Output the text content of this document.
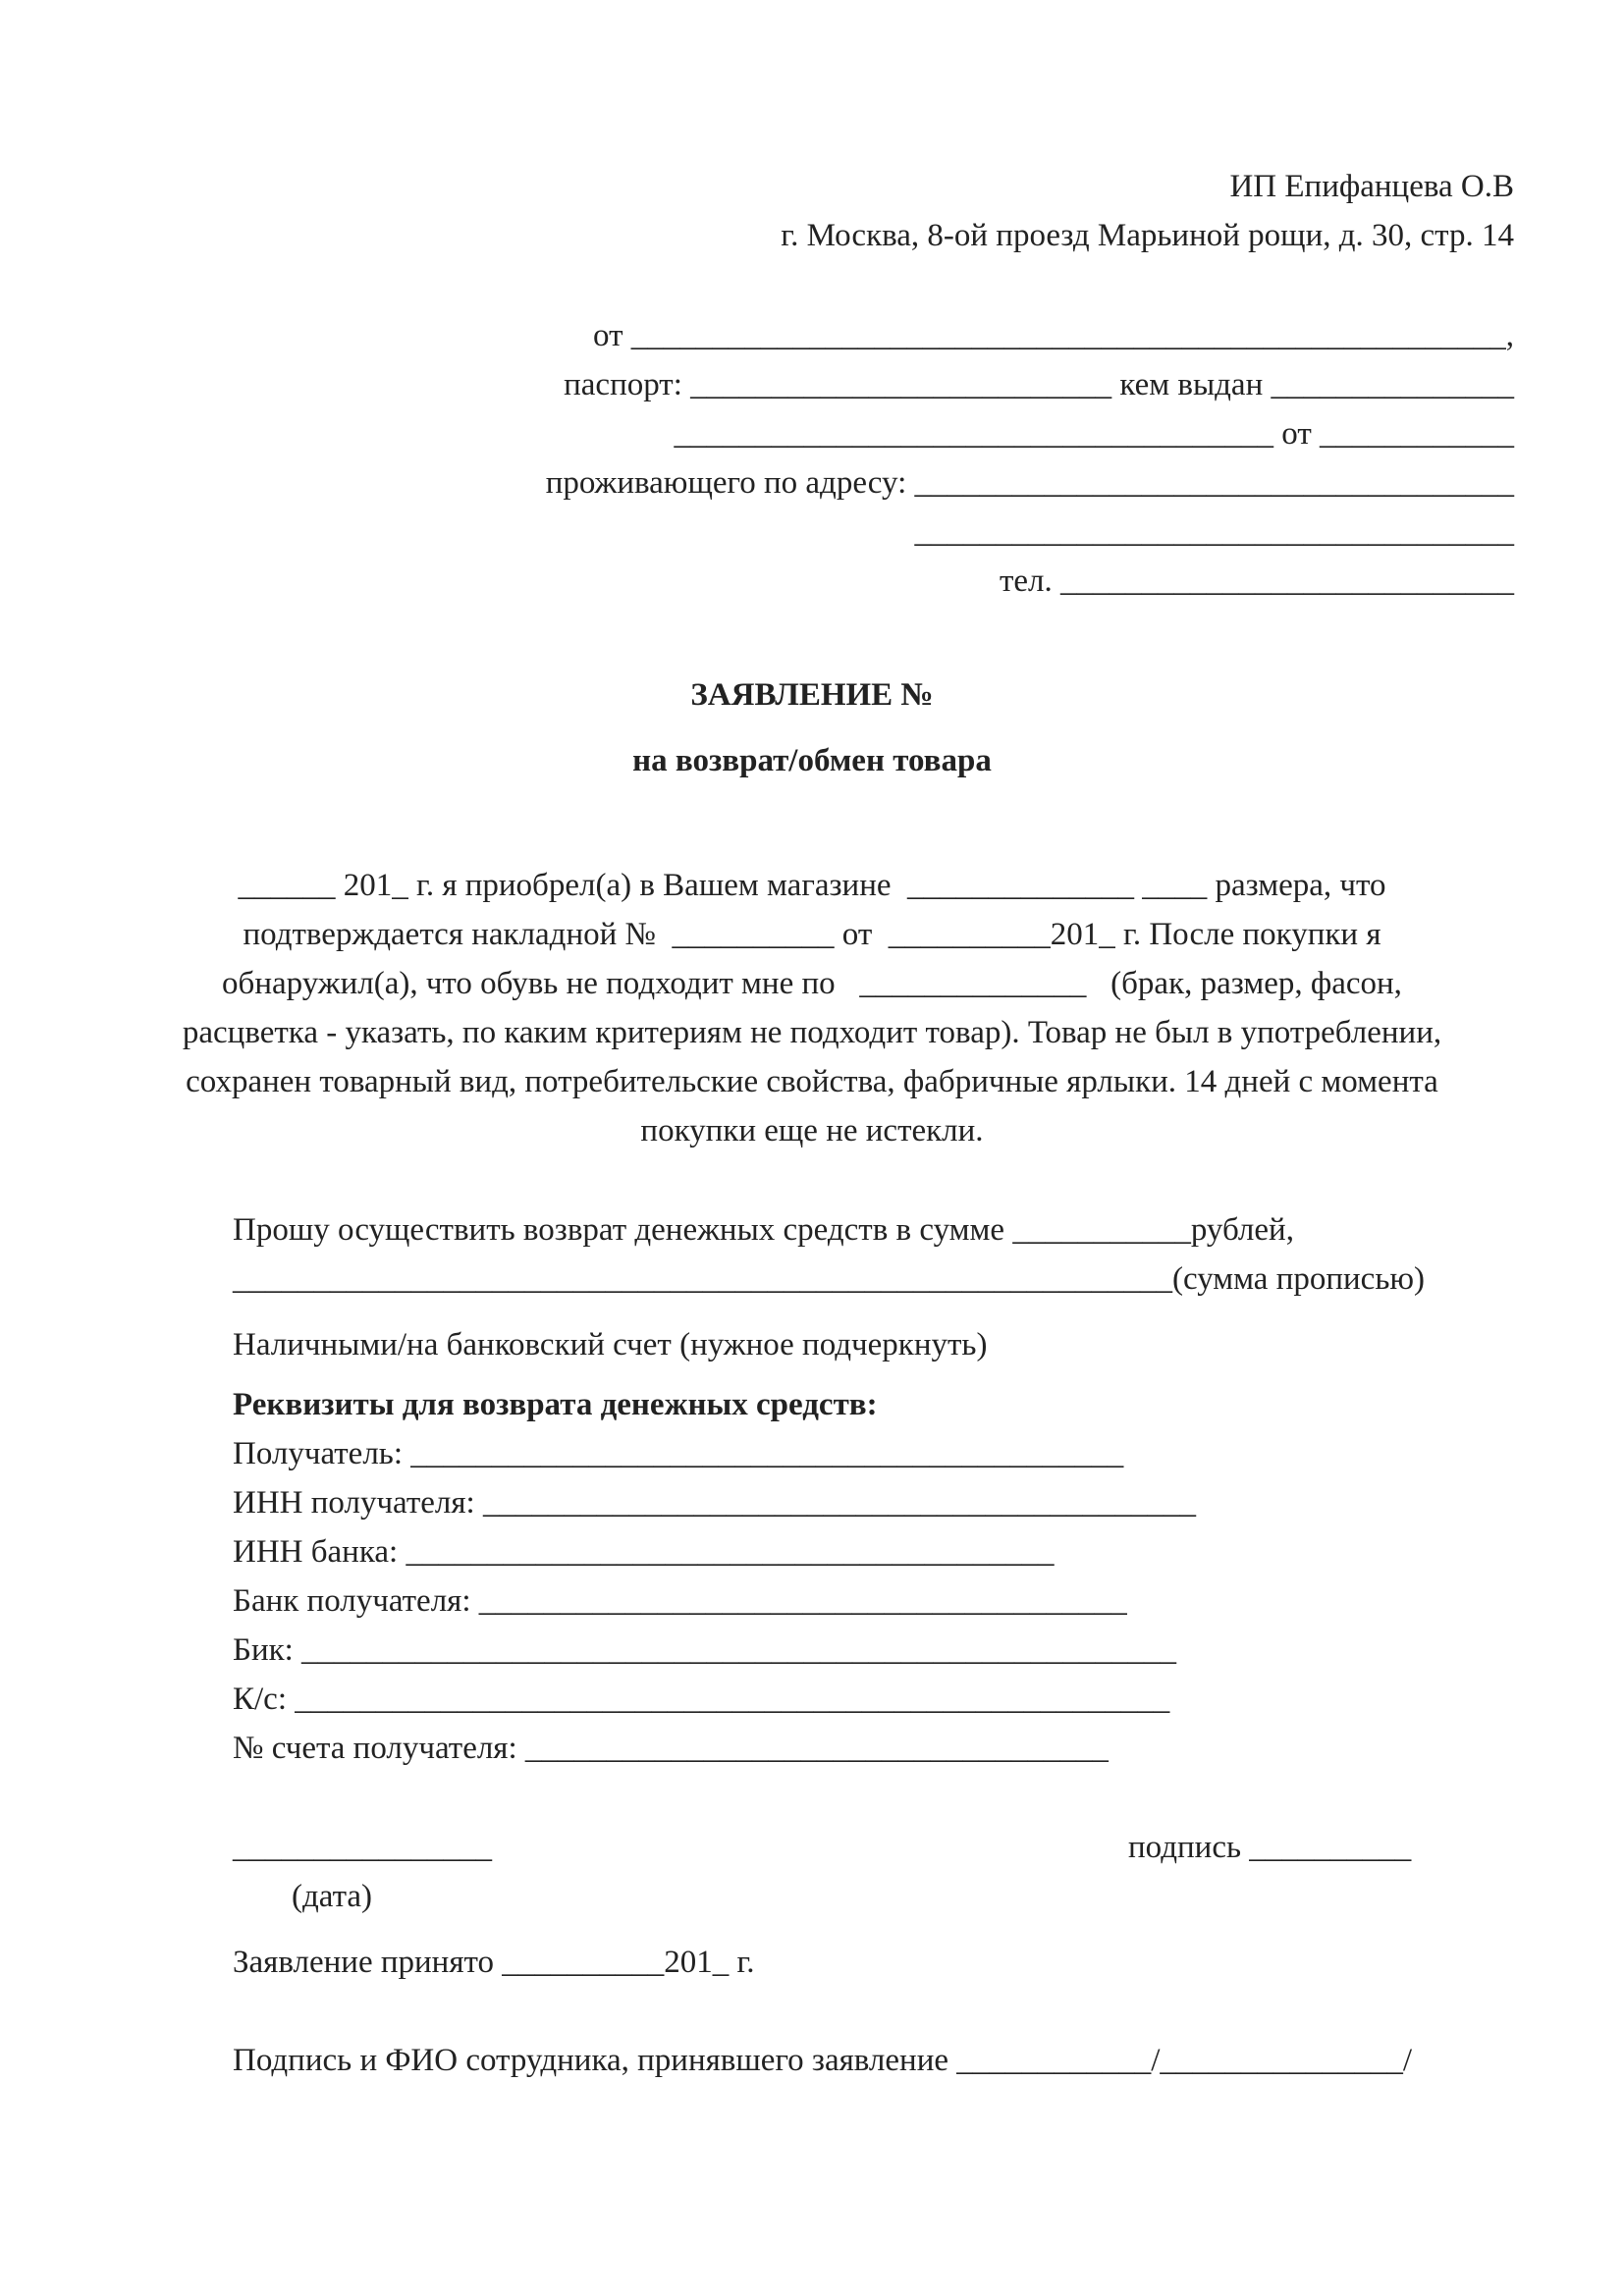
ИП Епифанцева О.В
г. Москва, 8-ой проезд Марьиной рощи, д. 30, стр. 14
от ______________________________________________________,
паспорт: __________________________ кем выдан _______________
_____________________________________ от ____________
проживающего по адресу: _____________________________________
_____________________________________
тел. ____________________________
ЗАЯВЛЕНИЕ №
на возврат/обмен товара
______ 201_ г. я приобрел(а) в Вашем магазине  ______________ ____ размера, что
подтверждается накладной №  __________ от  __________201_ г. После покупки я
обнаружил(а), что обувь не подходит мне по   ______________   (брак, размер, фасон,
расцветка - указать, по каким критериям не подходит товар). Товар не был в употреблении,
сохранен товарный вид, потребительские свойства, фабричные ярлыки. 14 дней с момента
покупки еще не истекли.
Прошу осуществить возврат денежных средств в сумме ___________рублей,
__________________________________________________________(сумма прописью)
Наличными/на банковский счет (нужное подчеркнуть)
Реквизиты для возврата денежных средств:
Получатель: ____________________________________________
ИНН получателя: ____________________________________________
ИНН банка: ________________________________________
Банк получателя: ________________________________________
Бик: ______________________________________________________
К/с: ______________________________________________________
№ счета получателя: ____________________________________
________________	подпись __________
(дата)
Заявление принято __________201_ г.
Подпись и ФИО сотрудника, принявшего заявление ____________/_______________/
